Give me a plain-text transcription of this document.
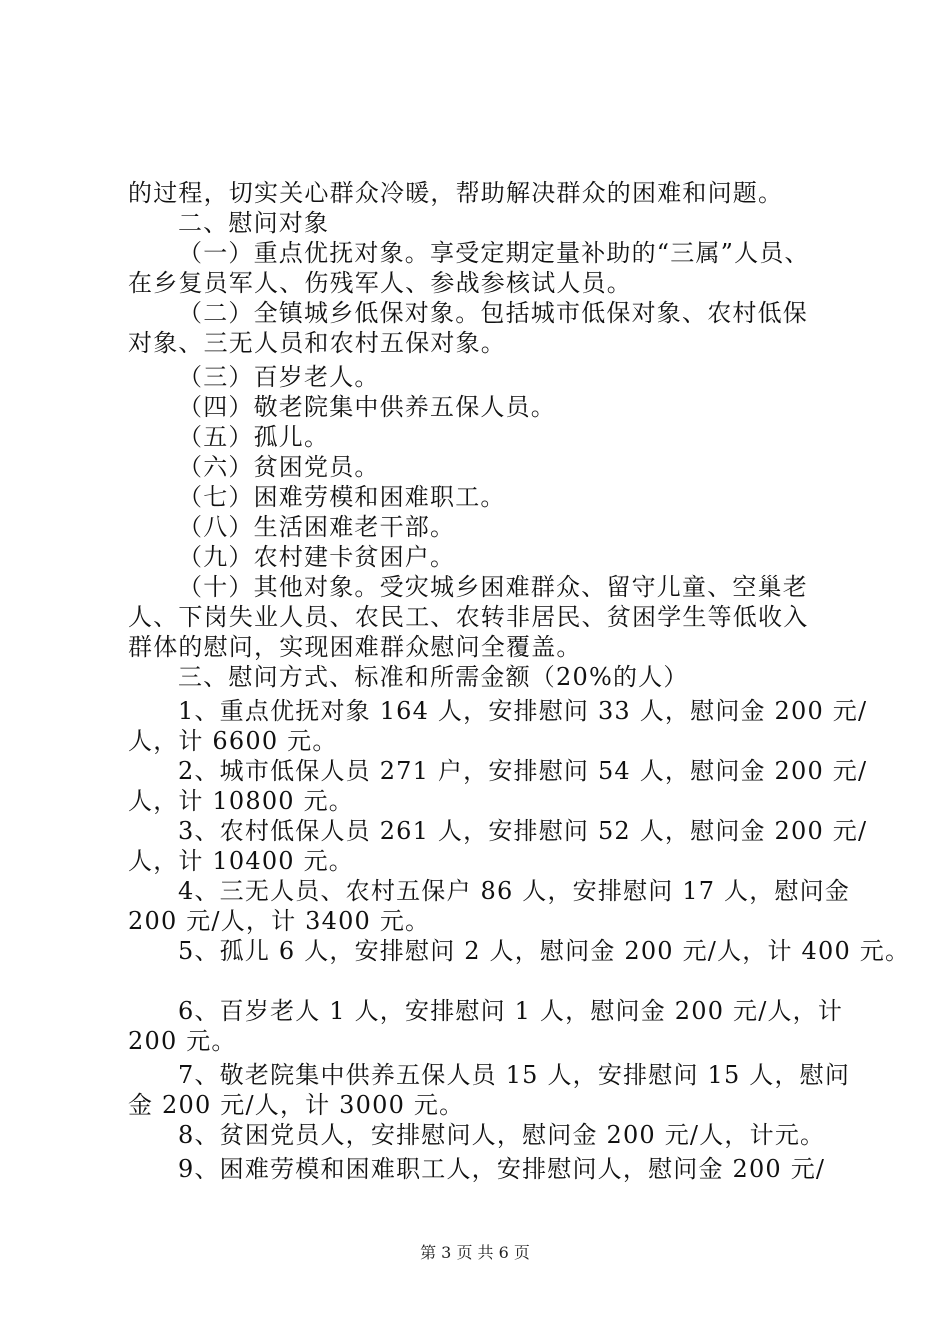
的过程，切实关心群众冷暖，帮助解决群众的困难和问题。
二、慰问对象
（一）重点优抚对象。享受定期定量补助的“三属”人员、
在乡复员军人、伤残军人、参战参核试人员。
（二）全镇城乡低保对象。包括城市低保对象、农村低保
对象、三无人员和农村五保对象。
（三）百岁老人。
（四）敬老院集中供养五保人员。
（五）孤儿。
（六）贫困党员。
（七）困难劳模和困难职工。
（八）生活困难老干部。
（九）农村建卡贫困户。
（十）其他对象。受灾城乡困难群众、留守儿童、空巢老
人、下岗失业人员、农民工、农转非居民、贫困学生等低收入
群体的慰问，实现困难群众慰问全覆盖。
三、慰问方式、标准和所需金额（20%的人）
1、重点优抚对象 164 人，安排慰问 33 人，慰问金 200 元/
人，计 6600 元。
2、城市低保人员 271 户，安排慰问 54 人，慰问金 200 元/
人，计 10800 元。
3、农村低保人员 261 人，安排慰问 52 人，慰问金 200 元/
人，计 10400 元。
4、三无人员、农村五保户 86 人，安排慰问 17 人，慰问金
200 元/人，计 3400 元。
5、孤儿 6 人，安排慰问 2 人，慰问金 200 元/人，计 400 元。
6、百岁老人 1 人，安排慰问 1 人，慰问金 200 元/人，计
200 元。
7、敬老院集中供养五保人员 15 人，安排慰问 15 人，慰问
金 200 元/人，计 3000 元。
8、贫困党员人，安排慰问人，慰问金 200 元/人，计元。
9、困难劳模和困难职工人，安排慰问人，慰问金 200 元/
第 3 页 共 6 页
